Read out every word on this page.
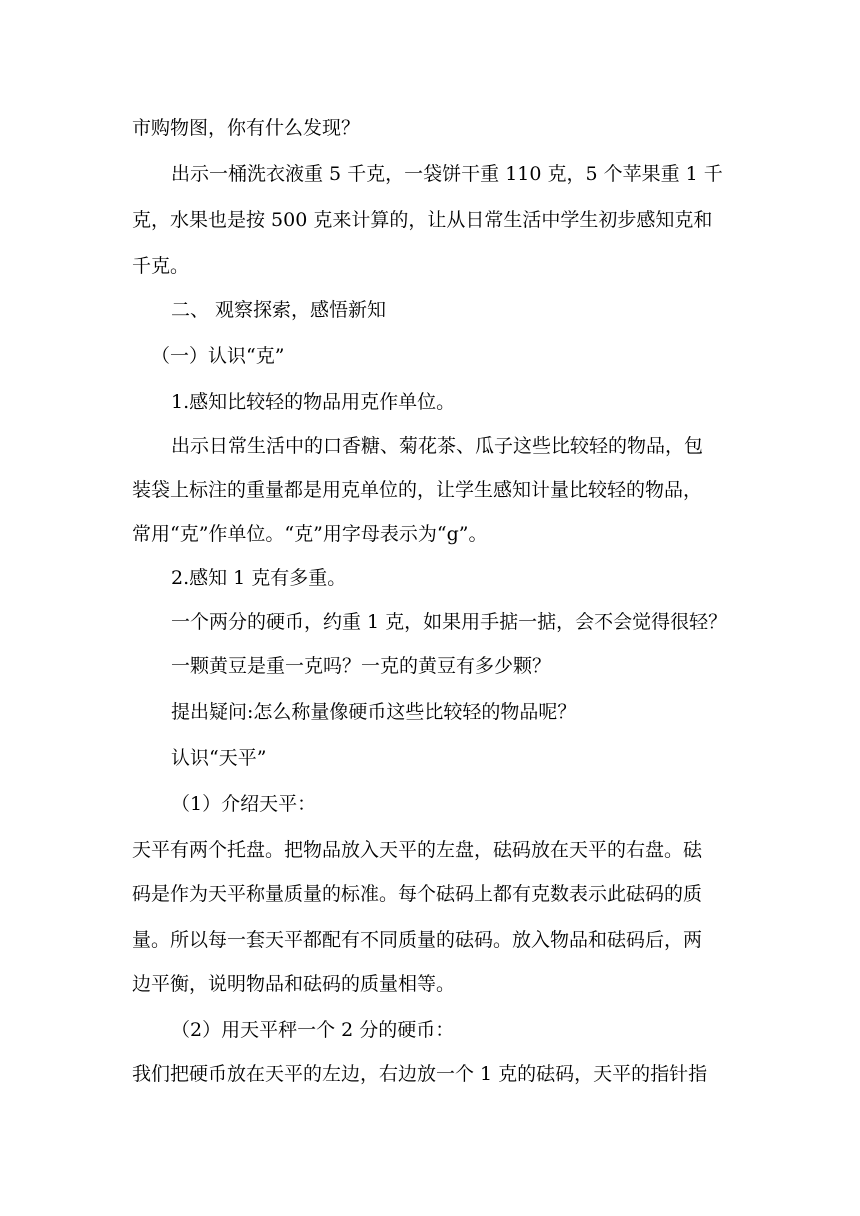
市购物图，你有什么发现？
出示一桶洗衣液重 5 千克，一袋饼干重 110 克，5 个苹果重 1 千
克，水果也是按 500 克来计算的，让从日常生活中学生初步感知克和
千克。
二、 观察探索，感悟新知
（一）认识“克”
1.感知比较轻的物品用克作单位。
出示日常生活中的口香糖、菊花茶、瓜子这些比较轻的物品，包
装袋上标注的重量都是用克单位的，让学生感知计量比较轻的物品，
常用“克”作单位。“克”用字母表示为“g”。
2.感知 1 克有多重。
一个两分的硬币，约重 1 克，如果用手掂一掂，会不会觉得很轻？
一颗黄豆是重一克吗？一克的黄豆有多少颗？
提出疑问:怎么称量像硬币这些比较轻的物品呢？
认识“天平”
（1）介绍天平：
天平有两个托盘。把物品放入天平的左盘，砝码放在天平的右盘。砝
码是作为天平称量质量的标准。每个砝码上都有克数表示此砝码的质
量。所以每一套天平都配有不同质量的砝码。放入物品和砝码后，两
边平衡，说明物品和砝码的质量相等。
（2）用天平秤一个 2 分的硬币：
我们把硬币放在天平的左边，右边放一个 1 克的砝码，天平的指针指
